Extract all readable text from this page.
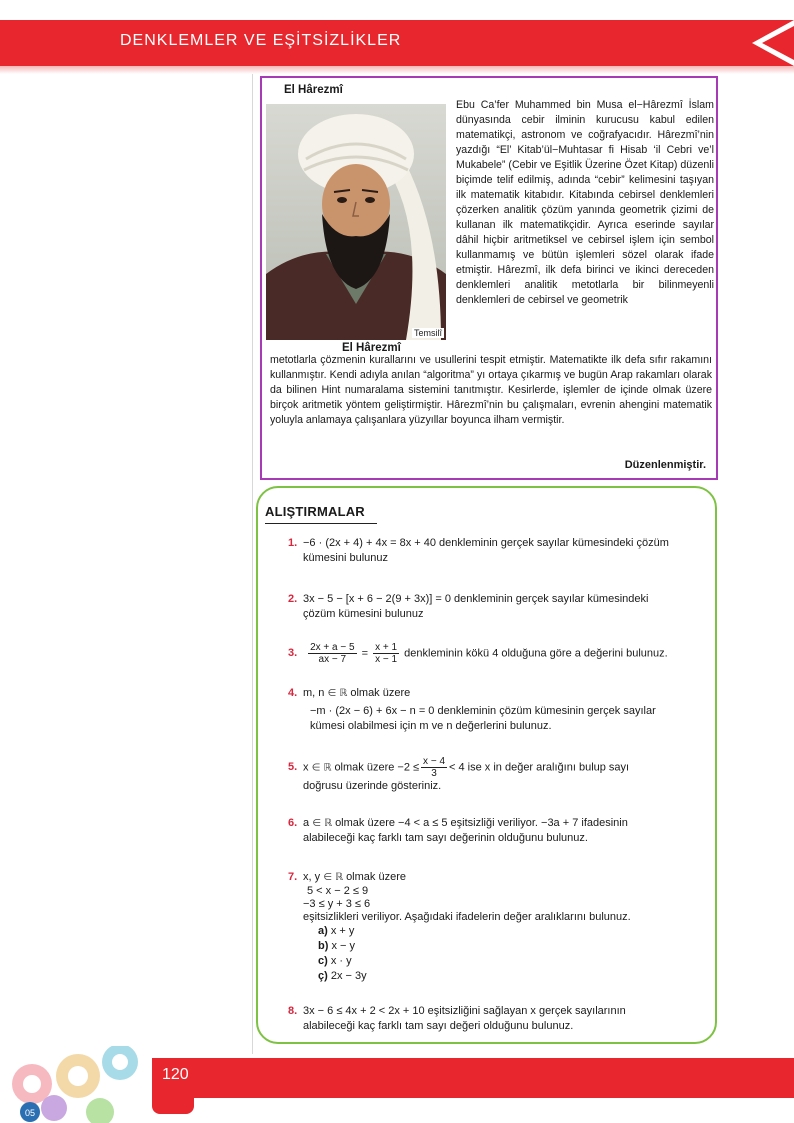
DENKLEMLER VE EŞİTSİZLİKLER
El Hârezmî
Temsilî
El Hârezmî

Ebu Ca’fer Muhammed bin Musa el−Hârezmî İslam dünyasında cebir ilminin kurucusu kabul edilen matematikçi, astronom ve coğrafyacıdır. Hârezmî’nin yazdığı “El’ Kitab’ül−Muhtasar fi Hisab ‘il Cebri ve’l Mukabele” (Cebir ve Eşitlik Üzerine Özet Kitap) düzenli biçimde telif edilmiş, adında “cebir” kelimesini taşıyan ilk matematik kitabıdır. Kitabında cebirsel denklemleri çözerken analitik çözüm yanında geometrik çizimi de kullanan ilk matematikçidir. Ayrıca eserinde sayılar dâhil hiçbir aritmetiksel ve cebirsel işlem için sembol kullanmamış ve bütün işlemleri sözel olarak ifade etmiştir. Hârezmî, ilk defa birinci ve ikinci dereceden denklemleri analitik metotlarla bir bilinmeyenli denklemleri de cebirsel ve geometrik

metotlarla çözmenin kurallarını ve usullerini tespit etmiştir. Matematikte ilk defa sıfır rakamını kullanmıştır. Kendi adıyla anılan “algoritma” yı ortaya çıkarmış ve bugün Arap rakamları olarak da bilinen Hint numaralama sistemini tanıtmıştır. Kesirlerde, işlemler de içinde olmak üzere birçok aritmetik yöntem geliştirmiştir. Hârezmî’nin bu çalışmaları, evrenin ahengini matematik yoluyla anlamaya çalışanlara yüzyıllar boyunca ilham vermiştir.

Düzenlenmiştir.
ALIŞTIRMALAR
1. −6 · (2x + 4) + 4x = 8x + 40 denkleminin gerçek sayılar kümesindeki çözüm
kümesini bulunuz
2. 3x − 5 − [x + 6 − 2(9 + 3x)] = 0 denkleminin gerçek sayılar kümesindeki
çözüm kümesini bulunuz
3. $\frac{2x + a - 5}{ax - 7} = \frac{x + 1}{x - 1}$ denkleminin kökü 4 olduğuna göre a değerini bulunuz.
4. m, n ∈ ℝ olmak üzere
−m · (2x − 6) + 6x − n = 0 denkleminin çözüm kümesinin gerçek sayılar
kümesi olabilmesi için m ve n değerlerini bulunuz.
5. x ∈ ℝ olmak üzere $-2 \le \frac{x - 4}{3} < 4$ ise x in değer aralığını bulup sayı
doğrusu üzerinde gösteriniz.
6. a ∈ ℝ olmak üzere −4 < a ≤ 5 eşitsizliği veriliyor. −3a + 7 ifadesinin
alabileceği kaç farklı tam sayı değerinin olduğunu bulunuz.
7. x, y ∈ ℝ olmak üzere
5 < x − 2 ≤ 9
−3 ≤ y + 3 ≤ 6
eşitsizlikleri veriliyor. Aşağıdaki ifadelerin değer aralıklarını bulunuz.
a) x + y
b) x − y
c) x · y
ç) 2x − 3y
8. 3x − 6 ≤ 4x + 2 < 2x + 10 eşitsizliğini sağlayan x gerçek sayılarının
alabileceği kaç farklı tam sayı değeri olduğunu bulunuz.
05
120
